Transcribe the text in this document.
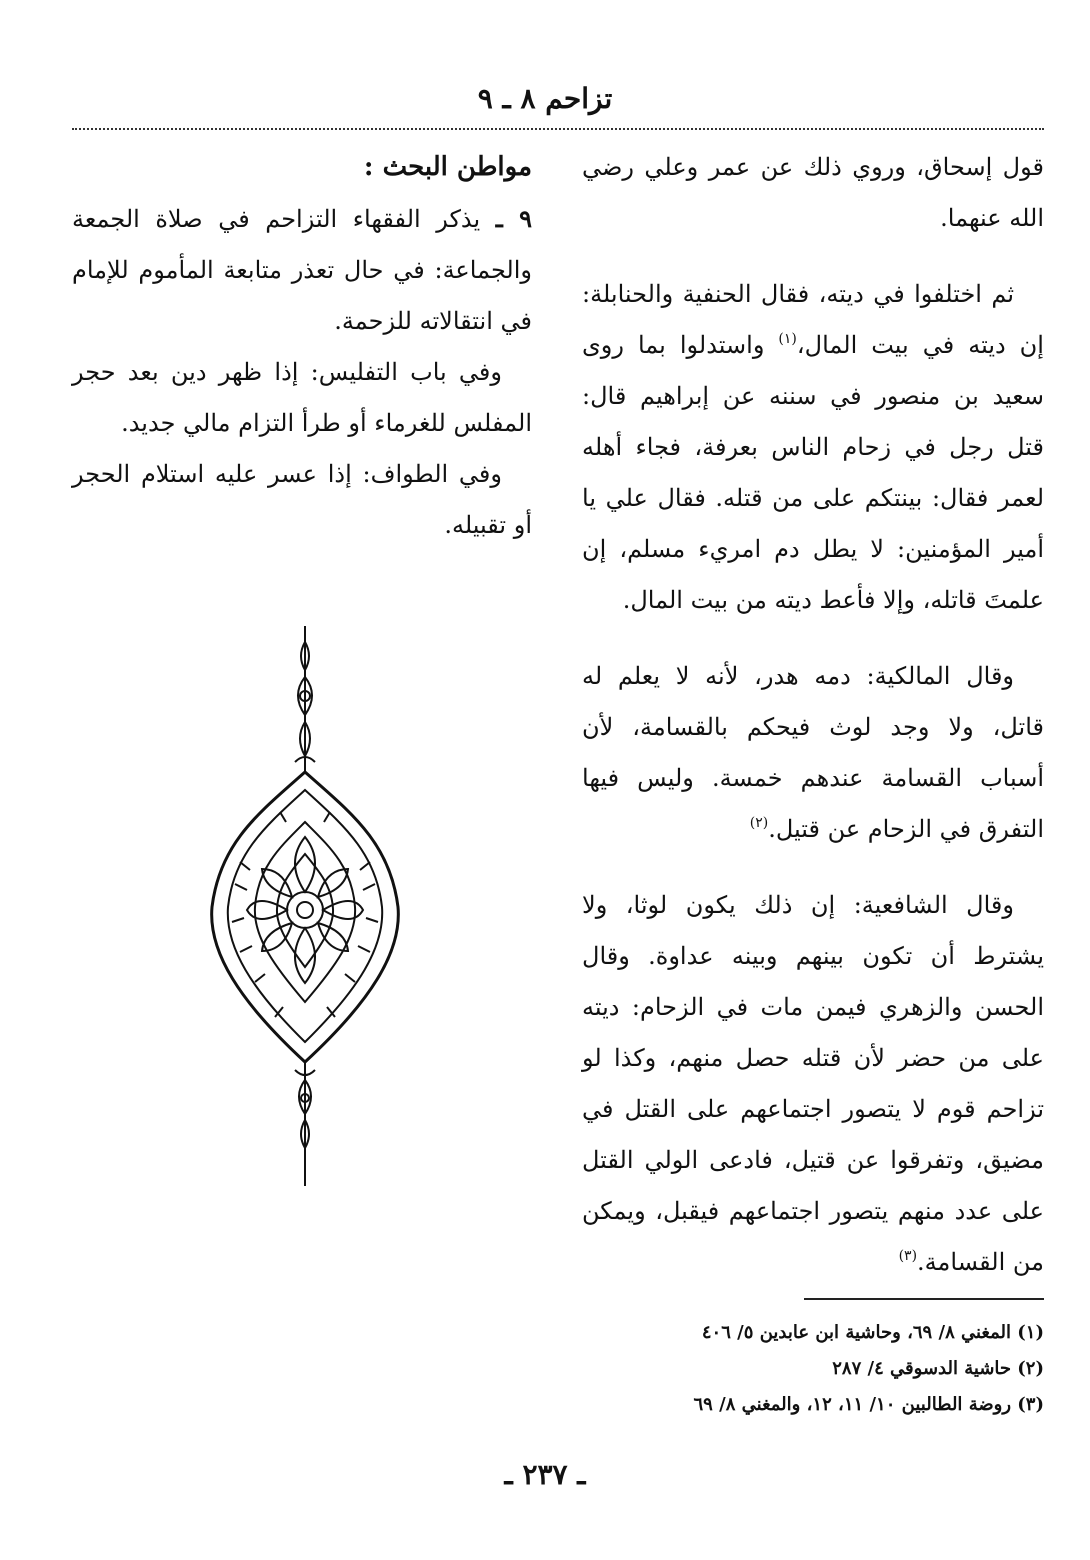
تزاحم ٨ ـ ٩

قول إسحاق، وروي ذلك عن عمر وعلي رضي الله عنهما.

ثم اختلفوا في ديته، فقال الحنفية والحنابلة: إن ديته في بيت المال،$^{(١)}$ واستدلوا بما روى سعيد بن منصور في سننه عن إبراهيم قال: قتل رجل في زحام الناس بعرفة، فجاء أهله لعمر فقال: بينتكم على من قتله. فقال علي يا أمير المؤمنين: لا يطل دم امريء مسلم، إن علمتَ قاتله، وإلا فأعط ديته من بيت المال.

وقال المالكية: دمه هدر، لأنه لا يعلم له قاتل، ولا وجد لوث فيحكم بالقسامة، لأن أسباب القسامة عندهم خمسة. وليس فيها التفرق في الزحام عن قتيل.$^{(٢)}$

وقال الشافعية: إن ذلك يكون لوثا، ولا يشترط أن تكون بينهم وبينه عداوة. وقال الحسن والزهري فيمن مات في الزحام: ديته على من حضر لأن قتله حصل منهم، وكذا لو تزاحم قوم لا يتصور اجتماعهم على القتل في مضيق، وتفرقوا عن قتيل، فادعى الولي القتل على عدد منهم يتصور اجتماعهم فيقبل، ويمكن من القسامة.$^{(٣)}$

مواطن البحث :

٩ ـ يذكر الفقهاء التزاحم في صلاة الجمعة والجماعة: في حال تعذر متابعة المأموم للإمام في انتقالاته للزحمة.

وفي باب التفليس: إذا ظهر دين بعد حجر المفلس للغرماء أو طرأ التزام مالي جديد.

وفي الطواف: إذا عسر عليه استلام الحجر أو تقبيله.

(١) المغني ٨/ ٦٩، وحاشية ابن عابدين ٥/ ٤٠٦

(٢) حاشية الدسوقي ٤/ ٢٨٧

(٣) روضة الطالبين ١٠/ ١١، ١٢، والمغني ٨/ ٦٩

ـ ٢٣٧ ـ
